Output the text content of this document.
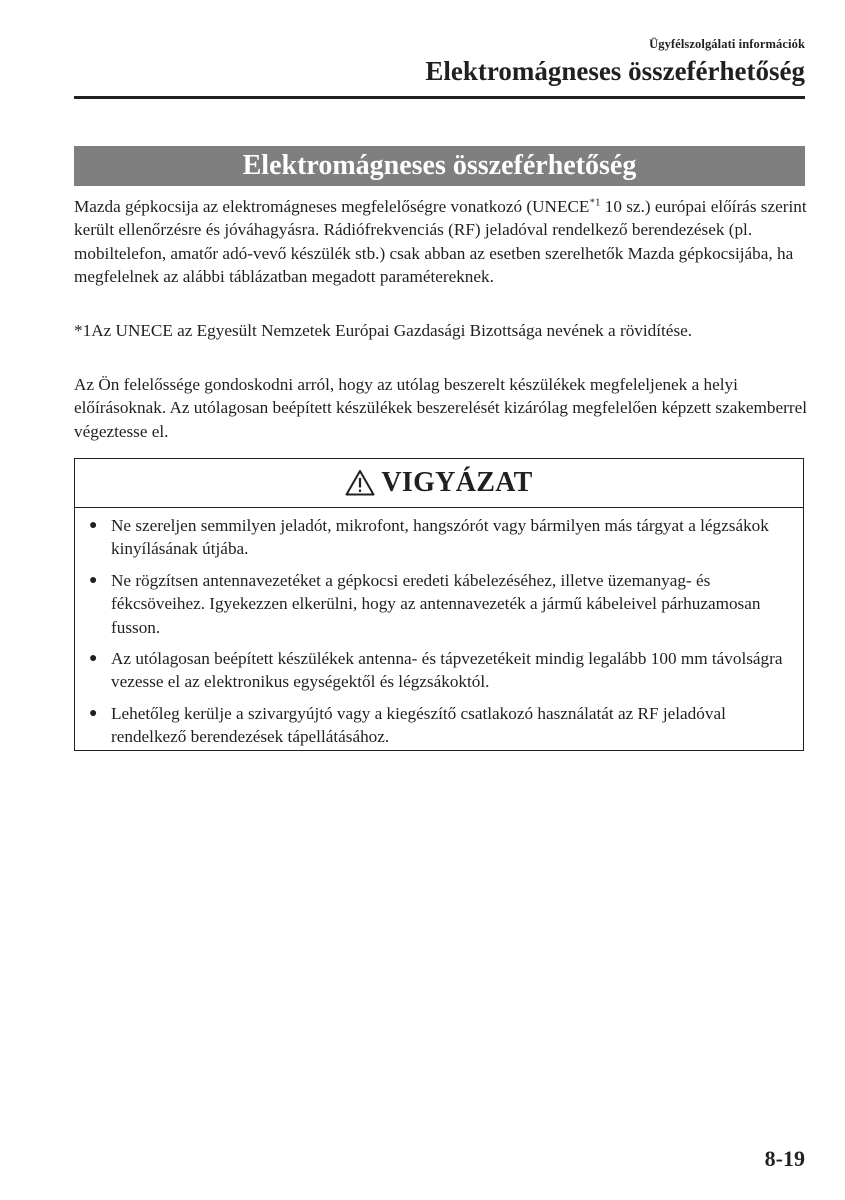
Ügyfélszolgálati információk
Elektromágneses összeférhetőség
Elektromágneses összeférhetőség

Mazda gépkocsija az elektromágneses megfelelőségre vonatkozó (UNECE$^{*1}$ 10 sz.) európai előírás szerint került ellenőrzésre és jóváhagyásra. Rádiófrekvenciás (RF) jeladóval rendelkező berendezések (pl. mobiltelefon, amatőr adó-vevő készülék stb.) csak abban az esetben szerelhetők Mazda gépkocsijába, ha megfelelnek az alábbi táblázatban megadott paramétereknek.

*1Az UNECE az Egyesült Nemzetek Európai Gazdasági Bizottsága nevének a rövidítése.

Az Ön felelőssége gondoskodni arról, hogy az utólag beszerelt készülékek megfeleljenek a helyi előírásoknak. Az utólagosan beépített készülékek beszerelését kizárólag megfelelően képzett szakemberrel végeztesse el.

VIGYÁZAT
● Ne szereljen semmilyen jeladót, mikrofont, hangszórót vagy bármilyen más tárgyat a légzsákok kinyílásának útjába.
● Ne rögzítsen antennavezetéket a gépkocsi eredeti kábelezéséhez, illetve üzemanyag- és fékcsöveihez. Igyekezzen elkerülni, hogy az antennavezeték a jármű kábeleivel párhuzamosan fusson.
● Az utólagosan beépített készülékek antenna- és tápvezetékeit mindig legalább 100 mm távolságra vezesse el az elektronikus egységektől és légzsákoktól.
● Lehetőleg kerülje a szivargyújtó vagy a kiegészítő csatlakozó használatát az RF jeladóval rendelkező berendezések tápellátásához.
8-19
